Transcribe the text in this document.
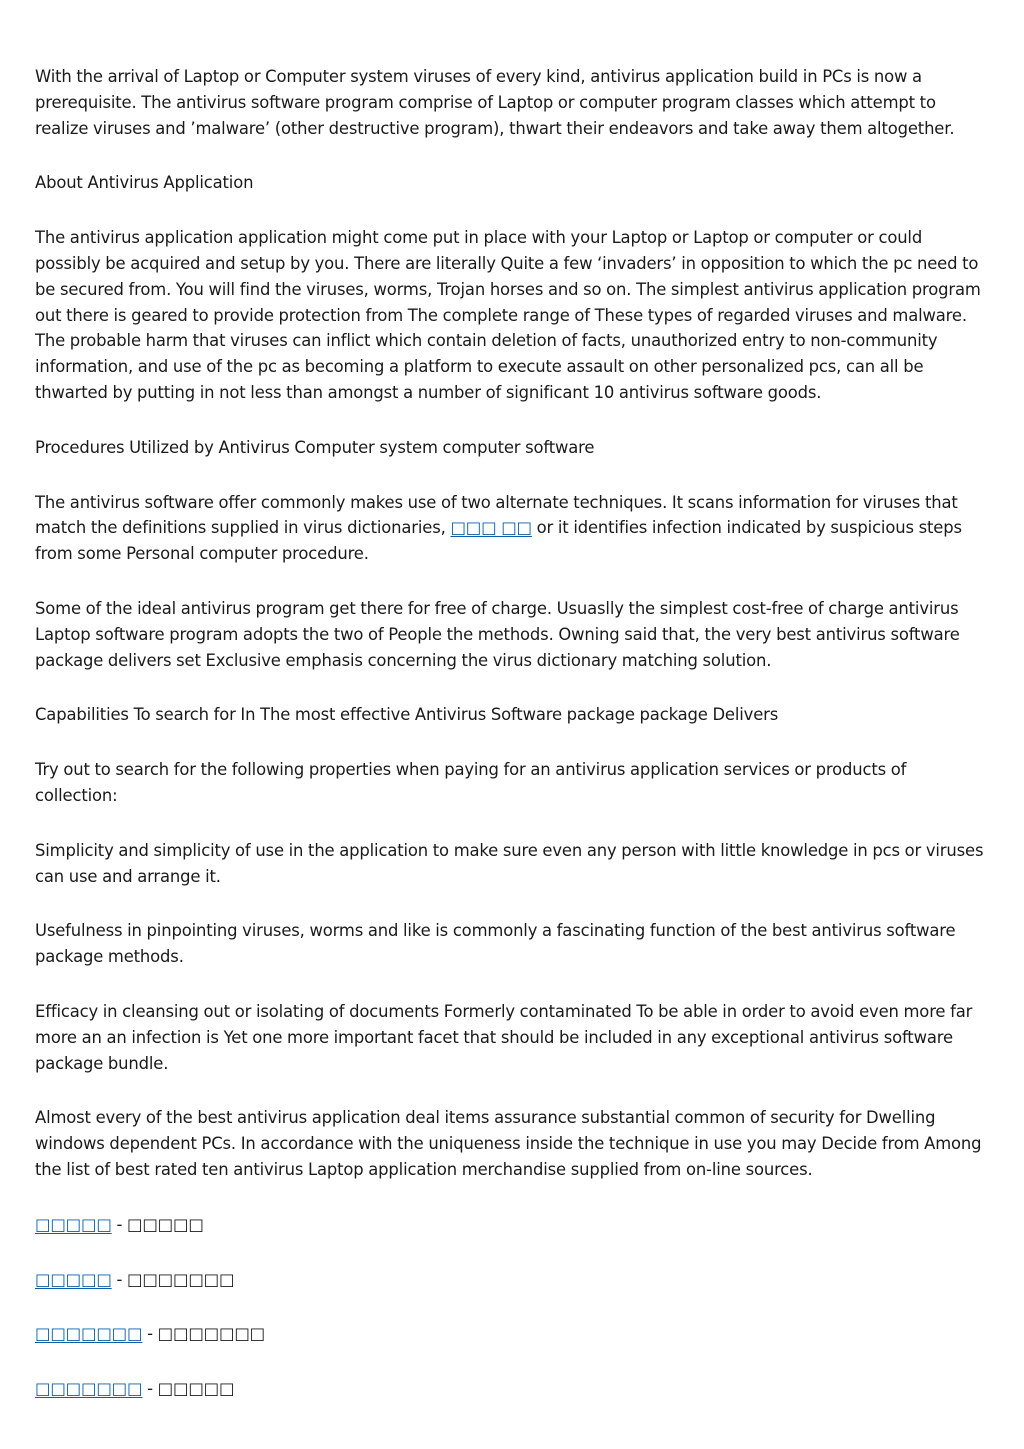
With the arrival of Laptop or Computer system viruses of every kind, antivirus application build in PCs is now a prerequisite. The antivirus software program comprise of Laptop or computer program classes which attempt to realize viruses and ’malware’ (other destructive program), thwart their endeavors and take away them altogether.

About Antivirus Application

The antivirus application application might come put in place with your Laptop or Laptop or computer or could possibly be acquired and setup by you. There are literally Quite a few ‘invaders’ in opposition to which the pc need to be secured from. You will find the viruses, worms, Trojan horses and so on. The simplest antivirus application program out there is geared to provide protection from The complete range of These types of regarded viruses and malware. The probable harm that viruses can inflict which contain deletion of facts, unauthorized entry to non-community information, and use of the pc as becoming a platform to execute assault on other personalized pcs, can all be thwarted by putting in not less than amongst a number of significant 10 antivirus software goods.

Procedures Utilized by Antivirus Computer system computer software

The antivirus software offer commonly makes use of two alternate techniques. It scans information for viruses that match the definitions supplied in virus dictionaries, □□□ □□ or it identifies infection indicated by suspicious steps from some Personal computer procedure.

Some of the ideal antivirus program get there for free of charge. Usuaslly the simplest cost-free of charge antivirus Laptop software program adopts the two of People the methods. Owning said that, the very best antivirus software package delivers set Exclusive emphasis concerning the virus dictionary matching solution.

Capabilities To search for In The most effective Antivirus Software package package Delivers

Try out to search for the following properties when paying for an antivirus application services or products of collection:

Simplicity and simplicity of use in the application to make sure even any person with little knowledge in pcs or viruses can use and arrange it.

Usefulness in pinpointing viruses, worms and like is commonly a fascinating function of the best antivirus software package methods.

Efficacy in cleansing out or isolating of documents Formerly contaminated To be able in order to avoid even more far more an an infection is Yet one more important facet that should be included in any exceptional antivirus software package bundle.

Almost every of the best antivirus application deal items assurance substantial common of security for Dwelling windows dependent PCs. In accordance with the uniqueness inside the technique in use you may Decide from Among the list of best rated ten antivirus Laptop application merchandise supplied from on-line sources.

□□□□□ - □□□□□

□□□□□ - □□□□□□□

□□□□□□□ - □□□□□□□

□□□□□□□ - □□□□□
